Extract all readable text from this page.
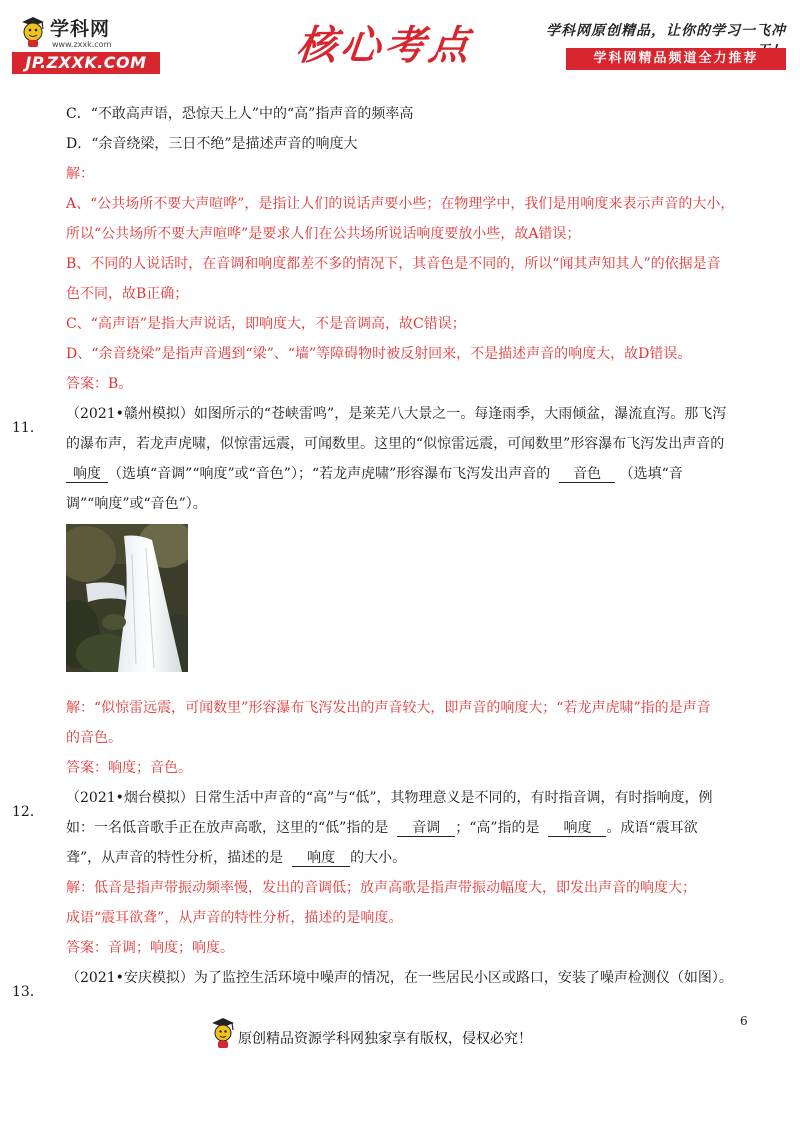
学科网
www.zxxk.com
JP.ZXXK.COM	核心考点	学科网原创精品，让你的学习一飞冲
学科网精品频道全力推荐

C．“不敢高声语，恐惊天上人”中的“高”指声音的频率高

D．“余音绕梁，三日不绝”是描述声音的响度大

解：

A、“公共场所不要大声喧哗”，是指让人们的说话声要小些；在物理学中，我们是用响度来表示声音的大小，

所以“公共场所不要大声喧哗”是要求人们在公共场所说话响度要放小些，故A错误；

B、不同的人说话时，在音调和响度都差不多的情况下，其音色是不同的，所以“闻其声知其人”的依据是音

色不同，故B正确；

C、“高声语”是指大声说话，即响度大，不是音调高，故C错误；

D、“余音绕梁”是指声音遇到“梁”、“墙”等障碍物时被反射回来，不是描述声音的响度大，故D错误。

答案：B。

11．
（2021•赣州模拟）如图所示的“苍峡雷鸣”，是莱芜八大景之一。每逢雨季，大雨倾盆，瀑流直泻。那飞泻

的瀑布声，若龙声虎啸，似惊雷远震，可闻数里。这里的“似惊雷远震，可闻数里”形容瀑布飞泻发出声音的

响度 （选填“音调”“响度”或“音色”）；“若龙声虎啸”形容瀑布飞泻发出声音的 音色 （选填“音

调”“响度”或“音色”）。

解：“似惊雷远震，可闻数里”形容瀑布飞泻发出的声音较大，即声音的响度大；“若龙声虎啸”指的是声音

的音色。

答案：响度；音色。

12．
（2021•烟台模拟）日常生活中声音的“高”与“低”，其物理意义是不同的，有时指音调，有时指响度，例

如：一名低音歌手正在放声高歌，这里的“低”指的是 音调 ；“高”指的是 响度 。成语“震耳欲

聋”，从声音的特性分析，描述的是 响度 的大小。

解：低音是指声带振动频率慢，发出的音调低；放声高歌是指声带振动幅度大，即发出声音的响度大；

成语“震耳欲聋”，从声音的特性分析，描述的是响度。

答案：音调；响度；响度。

13．
（2021•安庆模拟）为了监控生活环境中噪声的情况，在一些居民小区或路口，安装了噪声检测仪（如图）。

原创精品资源学科网独家享有版权，侵权必究！
6
